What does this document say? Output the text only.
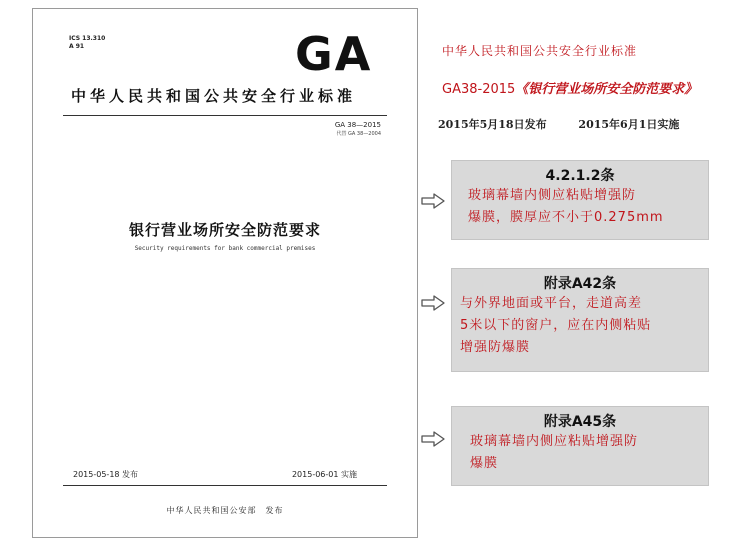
ICS 13.310
A 91	GA
中华人民共和国公共安全行业标准
GA 38—2015
代替 GA 38—2004
银行营业场所安全防范要求
Security requirements for bank commercial premises
2015-05-18 发布	2015-06-01 实施
中华人民共和国公安部　发布
中华人民共和国公共安全行业标准
GA38-2015《银行营业场所安全防范要求》
2015年5月18日发布	2015年6月1日实施
4.2.1.2条
玻璃幕墙内侧应粘贴增强防
爆膜，膜厚应不小于0.275mm
附录A42条
与外界地面或平台，走道高差
5米以下的窗户，应在内侧粘贴
增强防爆膜
附录A45条
玻璃幕墙内侧应粘贴增强防
爆膜
